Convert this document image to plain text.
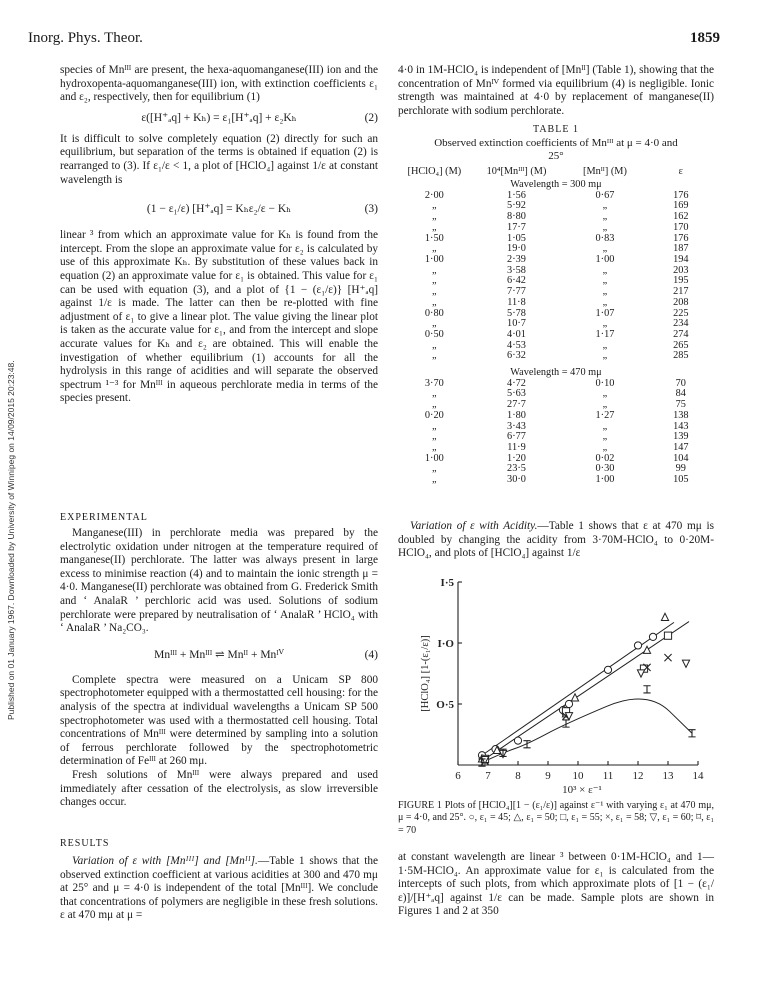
Inorg. Phys. Theor.	1859
Published on 01 January 1967. Downloaded by University of Winnipeg on 14/09/2015 20:23:48.

species of Mnᴵᴵᴵ are present, the hexa-aquomanganese(III) ion and the hydroxopenta-aquomanganese(III) ion, with extinction coefficients ε₁ and ε₂, respectively, then for equilibrium (1)

ε([H⁺ₐq] + Kₕ) = ε₁[H⁺ₐq] + ε₂Kₕ	(2)

It is difficult to solve completely equation (2) directly for such an equilibrium, but separation of the terms is obtained if equation (2) is rearranged to (3). If ε₁/ε < 1, a plot of [HClO₄] against 1/ε at constant wavelength is

(1 − ε₁/ε) [H⁺ₐq] = Kₕε₂/ε − Kₕ	(3)

linear ³ from which an approximate value for Kₕ is found from the intercept. From the slope an approximate value for ε₂ is calculated by use of this approximate Kₕ. By substitution of these values back in equation (2) an approximate value for ε₁ is obtained. This value for ε₁ can be used with equation (3), and a plot of {1 − (ε₁/ε)} [H⁺ₐq] against 1/ε is made. The latter can then be re-plotted with fine adjustment of ε₁ to give a linear plot. The value giving the linear plot is taken as the accurate value for ε₁, and from the intercept and slope accurate values for Kₕ and ε₂ are obtained. This will enable the investigation of whether equilibrium (1) accounts for all the hydrolysis in this range of acidities and will separate the observed spectrum ¹⁻³ for Mnᴵᴵᴵ in aqueous perchlorate media in terms of the species present.

EXPERIMENTAL

Manganese(III) in perchlorate media was prepared by the electrolytic oxidation under nitrogen at the temperature required of manganese(II) perchlorate. The latter was always present in large excess to minimise reaction (4) and to maintain the ionic strength μ = 4·0. Manganese(II) perchlorate was obtained from G. Frederick Smith and ‘ AnalaR ’ perchloric acid was used. Solutions of sodium perchlorate were prepared by neutralisation of ‘ AnalaR ’ HClO₄ with ‘ AnalaR ’ Na₂CO₃.

Mnᴵᴵᴵ + Mnᴵᴵᴵ ⇌ Mnᴵᴵ + Mnᴵⱽ	(4)

Complete spectra were measured on a Unicam SP 800 spectrophotometer equipped with a thermostatted cell housing: for the analysis of the spectra at individual wavelengths a Unicam SP 500 spectrophotometer was used with a thermostatted cell housing. Total concentrations of Mnᴵᴵᴵ were determined by sampling into a solution of ferrous perchlorate followed by the spectrophotometric determination of Feᴵᴵᴵ at 260 mμ.

Fresh solutions of Mnᴵᴵᴵ were always prepared and used immediately after cessation of the electrolysis, as slow irreversible changes occur.

RESULTS

Variation of ε with [Mnᴵᴵᴵ] and [Mnᴵᴵ].—Table 1 shows that the observed extinction coefficient at various acidities at 300 and 470 mμ at 25° and μ = 4·0 is independent of the total [Mnᴵᴵᴵ]. We conclude that concentrations of polymers are negligible in these fresh solutions. ε at 470 mμ at μ =

4·0 in 1M-HClO₄ is independent of [Mnᴵᴵ] (Table 1), showing that the concentration of Mnᴵⱽ formed via equilibrium (4) is negligible. Ionic strength was maintained at 4·0 by replacement of manganese(II) perchlorate with sodium perchlorate.

TABLE 1
Observed extinction coefficients of Mnᴵᴵᴵ at μ = 4·0 and 25°
[HClO₄] (M)	10⁴[Mnᴵᴵᴵ] (M)	[Mnᴵᴵ] (M)	ε
Wavelength = 300 mμ			
2·00	1·56	0·67	176
„	5·92	„	169
„	8·80	„	162
„	17·7	„	170
1·50	1·05	0·83	176
„	19·0	„	187
1·00	2·39	1·00	194
„	3·58	„	203
„	6·42	„	195
„	7·77	„	217
„	11·8	„	208
0·80	5·78	1·07	225
„	10·7	„	234
0·50	4·01	1·17	274
„	4·53	„	265
„	6·32	„	285

Wavelength = 470 mμ			
3·70	4·72	0·10	70
„	5·63	„	84
„	27·7	„	75
0·20	1·80	1·27	138
„	3·43	„	143
„	6·77	„	139
„	11·9	„	147
1·00	1·20	0·02	104
„	23·5	0·30	99
„	30·0	1·00	105

Variation of ε with Acidity.—Table 1 shows that ε at 470 mμ is doubled by changing the acidity from 3·70M-HClO₄ to 0·20M-HClO₄, and plots of [HClO₄] against 1/ε

6 7 8 9 10 11 12 13 14
O·5
I·O
I·5
10³ × ε⁻¹
[HClO₄] [1-(ε₁/ε)]
FIGURE 1 Plots of [HClO₄][1 − (ε₁/ε)] against ε⁻¹ with varying ε₁ at 470 mμ, μ = 4·0, and 25°. ○, ε₁ = 45; △, ε₁ = 50; □, ε₁ = 55; ×, ε₁ = 58; ▽, ε₁ = 60; ⌑, ε₁ = 70

at constant wavelength are linear ³ between 0·1M-HClO₄ and 1—1·5M-HClO₄. An approximate value for ε₁ is calculated from the intercepts of such plots, from which approximate plots of [1 − (ε₁/ε)]/[H⁺ₐq] against 1/ε can be made. Sample plots are shown in Figures 1 and 2 at 350
